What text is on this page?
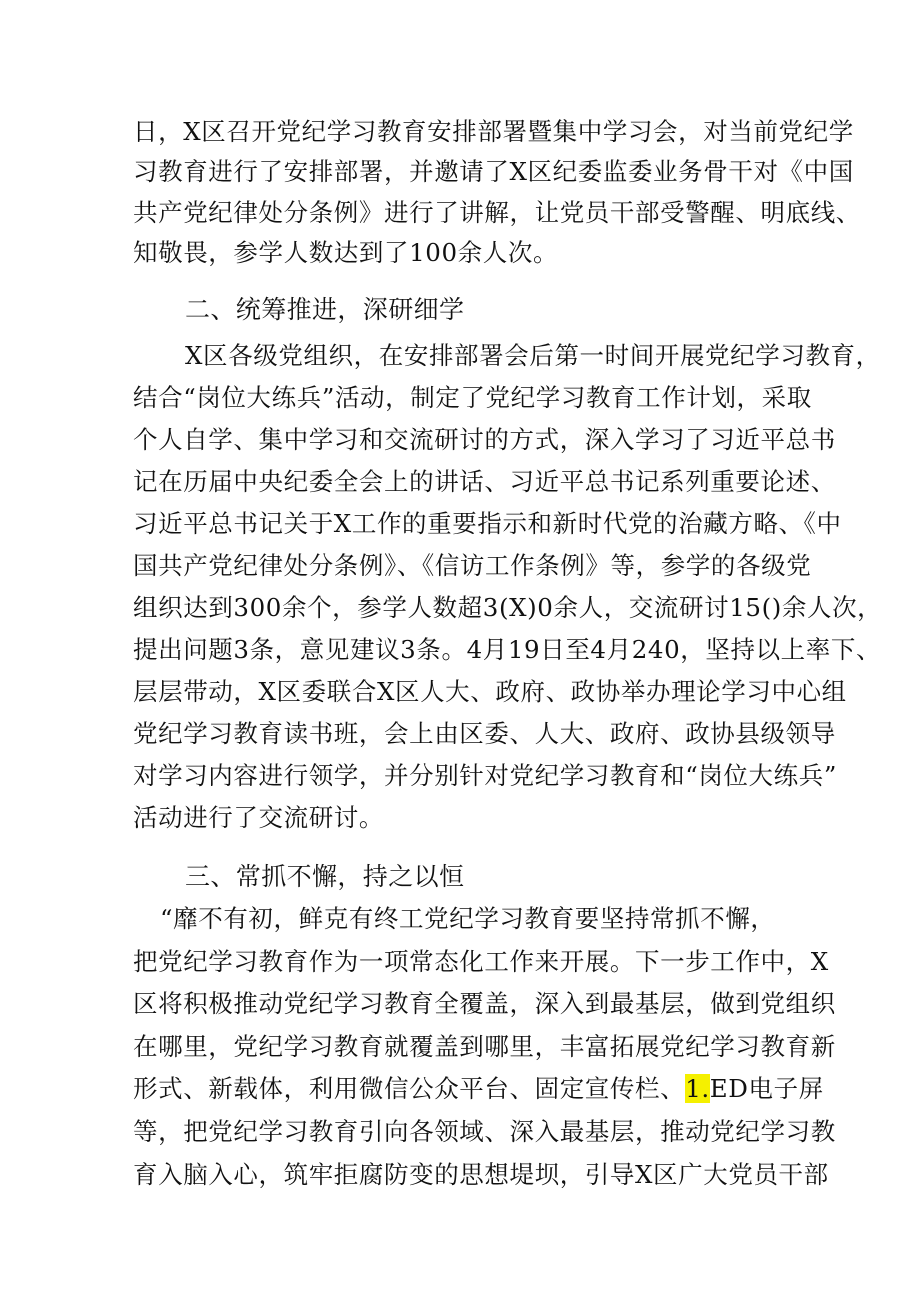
日，X区召开党纪学习教育安排部署暨集中学习会，对当前党纪学
习教育进行了安排部署，并邀请了X区纪委监委业务骨干对《中国
共产党纪律处分条例》进行了讲解，让党员干部受警醒、明底线、
知敬畏，参学人数达到了100余人次。
二、统筹推进，深研细学
X区各级党组织，在安排部署会后第一时间开展党纪学习教育，
结合“岗位大练兵”活动，制定了党纪学习教育工作计划，采取
个人自学、集中学习和交流研讨的方式，深入学习了习近平总书
记在历届中央纪委全会上的讲话、习近平总书记系列重要论述、
习近平总书记关于X工作的重要指示和新时代党的治藏方略、《中
国共产党纪律处分条例》、《信访工作条例》等，参学的各级党
组织达到300余个，参学人数超3(X)0余人，交流研讨15()余人次，
提出问题3条，意见建议3条。4月19日至4月240，坚持以上率下、
层层带动，X区委联合X区人大、政府、政协举办理论学习中心组
党纪学习教育读书班，会上由区委、人大、政府、政协县级领导
对学习内容进行领学，并分别针对党纪学习教育和“岗位大练兵”
活动进行了交流研讨。
三、常抓不懈，持之以恒
“靡不有初，鲜克有终工党纪学习教育要坚持常抓不懈，
把党纪学习教育作为一项常态化工作来开展。下一步工作中，X
区将积极推动党纪学习教育全覆盖，深入到最基层，做到党组织
在哪里，党纪学习教育就覆盖到哪里，丰富拓展党纪学习教育新
形式、新载体，利用微信公众平台、固定宣传栏、1.ED电子屏
等，把党纪学习教育引向各领域、深入最基层，推动党纪学习教
育入脑入心，筑牢拒腐防变的思想堤坝，引导X区广大党员干部
